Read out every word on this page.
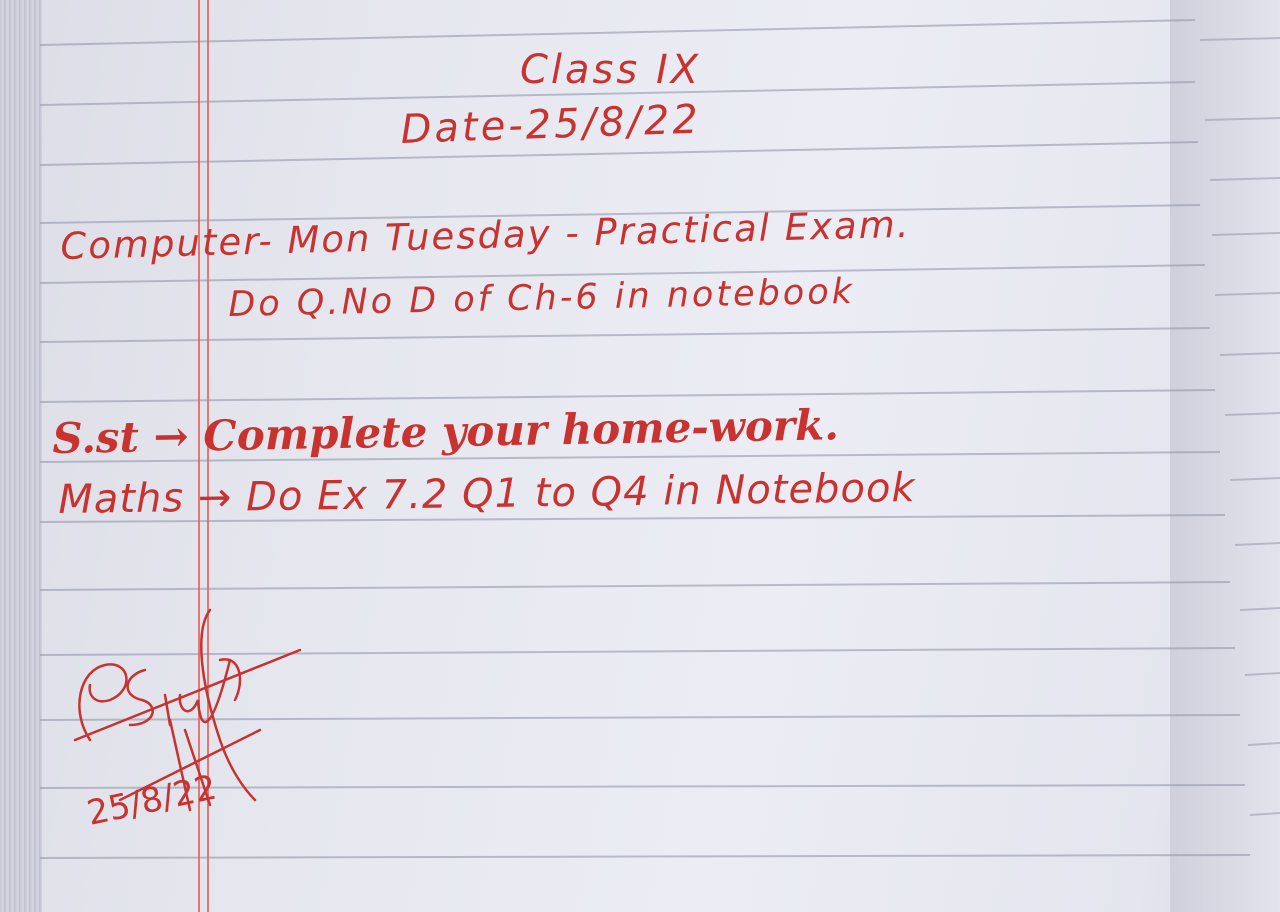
Class IX

Date-25/8/22

Computer- Mon Tuesday - Practical Exam.

Do Q.No D of Ch-6 in notebook

S.st → Complete your home-work.

Maths → Do Ex 7.2 Q1 to Q4 in Notebook

25/8/22
